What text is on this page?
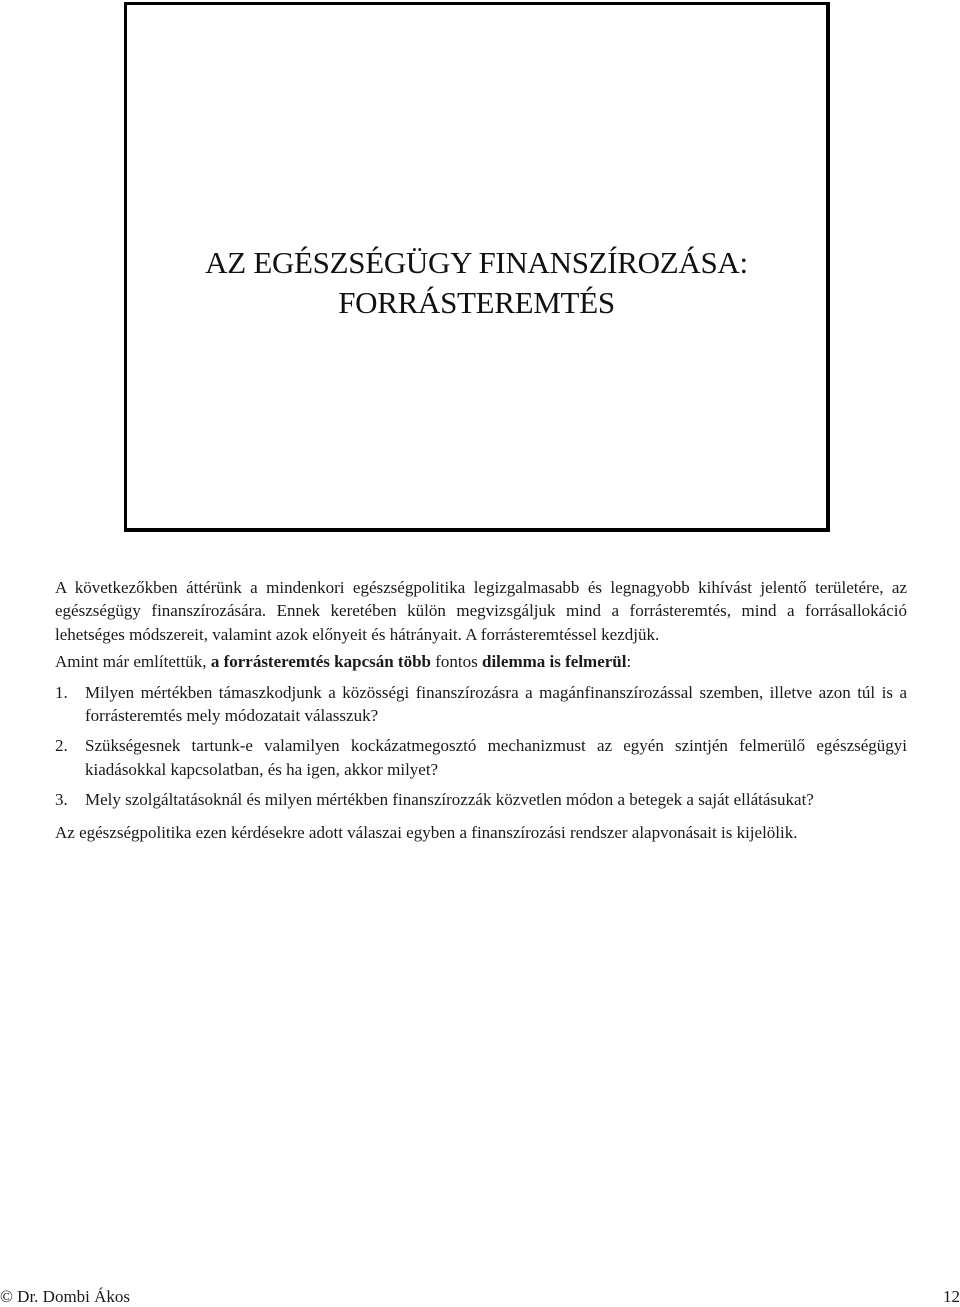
AZ EGÉSZSÉGÜGY FINANSZÍROZÁSA:
FORRÁSTEREMTÉS

A következőkben áttérünk a mindenkori egészségpolitika legizgalmasabb és legnagyobb kihívást jelentő területére, az egészségügy finanszírozására. Ennek keretében külön megvizsgáljuk mind a forrásteremtés, mind a forrásallokáció lehetséges módszereit, valamint azok előnyeit és hátrányait. A forrásteremtéssel kezdjük.

Amint már említettük, a forrásteremtés kapcsán több fontos dilemma is felmerül:

1. Milyen mértékben támaszkodjunk a közösségi finanszírozásra a magánfinanszírozással szemben, illetve azon túl is a forrásteremtés mely módozatait válasszuk?
2. Szükségesnek tartunk-e valamilyen kockázatmegosztó mechanizmust az egyén szintjén felmerülő egészségügyi kiadásokkal kapcsolatban, és ha igen, akkor milyet?
3. Mely szolgáltatásoknál és milyen mértékben finanszírozzák közvetlen módon a betegek a saját ellátásukat?

Az egészségpolitika ezen kérdésekre adott válaszai egyben a finanszírozási rendszer alapvonásait is kijelölik.

© Dr. Dombi Ákos	12
